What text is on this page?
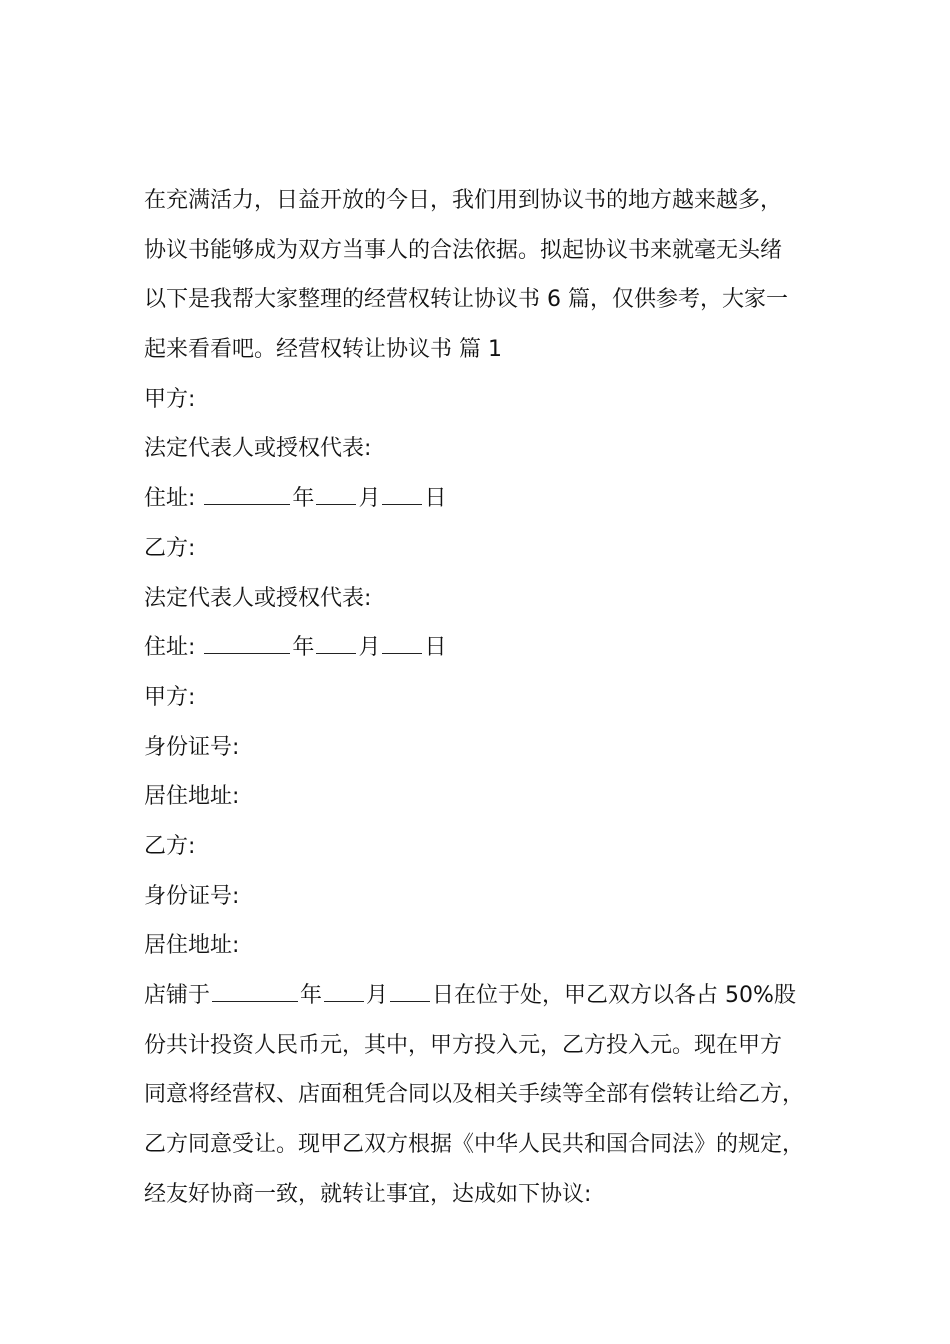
在充满活力，日益开放的今日，我们用到协议书的地方越来越多，
协议书能够成为双方当事人的合法依据。拟起协议书来就毫无头绪
以下是我帮大家整理的经营权转让协议书 6 篇，仅供参考，大家一
起来看看吧。经营权转让协议书 篇 1
甲方:
法定代表人或授权代表:
住址:	年 月 日
乙方:
法定代表人或授权代表:
住址:	年 月 日
甲方:
身份证号:
居住地址:
乙方:
身份证号:
居住地址:
店铺于	年 月 日在位于处，甲乙双方以各占 50%股
份共计投资人民币元，其中，甲方投入元，乙方投入元。现在甲方
同意将经营权、店面租凭合同以及相关手续等全部有偿转让给乙方，
乙方同意受让。现甲乙双方根据《中华人民共和国合同法》的规定，
经友好协商一致，就转让事宜，达成如下协议:
